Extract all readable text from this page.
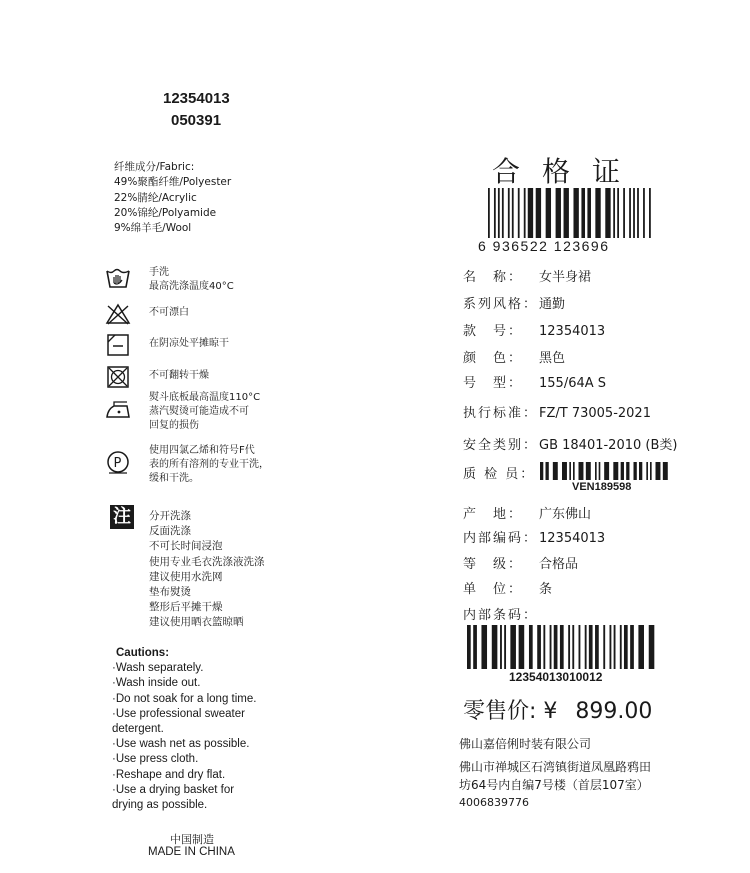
12354013
050391
纤维成分/Fabric:
49%聚酯纤维/Polyester
22%腈纶/Acrylic
20%锦纶/Polyamide
9%绵羊毛/Wool
手洗
最高洗涤温度40°C
不可漂白
在阴凉处平摊晾干
不可翻转干燥
熨斗底板最高温度110°C
蒸汽熨烫可能造成不可
回复的损伤
P
使用四氯乙烯和符号F代
表的所有溶剂的专业干洗，
缓和干洗。
注 分开洗涤
反面洗涤
不可长时间浸泡
使用专业毛衣洗涤液洗涤
建议使用水洗网
垫布熨烫
整形后平摊干燥
建议使用晒衣篮晾晒
Cautions:
·Wash separately.
·Wash inside out.
·Do not soak for a long time.
·Use professional sweater
detergent.
·Use wash net as possible.
·Use press cloth.
·Reshape and dry flat.
·Use a drying basket for
drying as possible.
中国制造
MADE IN CHINA
合格证
6 936522 123696
名　称： 女半身裙
系列风格：通勤
款　号： 12354013
颜　色： 黑色
号　型： 155/64A S
执行标准：FZ/T 73005-2021
安全类别：GB 18401-2010 (B类)
质 检 员：
产　地： 广东佛山
内部编码：12354013
等　级： 合格品
单　位： 条
内部条码：
VEN189598
12354013010012
零售价: ¥ 899.00
佛山嘉倍俐时装有限公司
佛山市禅城区石湾镇街道凤凰路鸦田
坊64号内自编7号楼（首层107室）
4006839776
